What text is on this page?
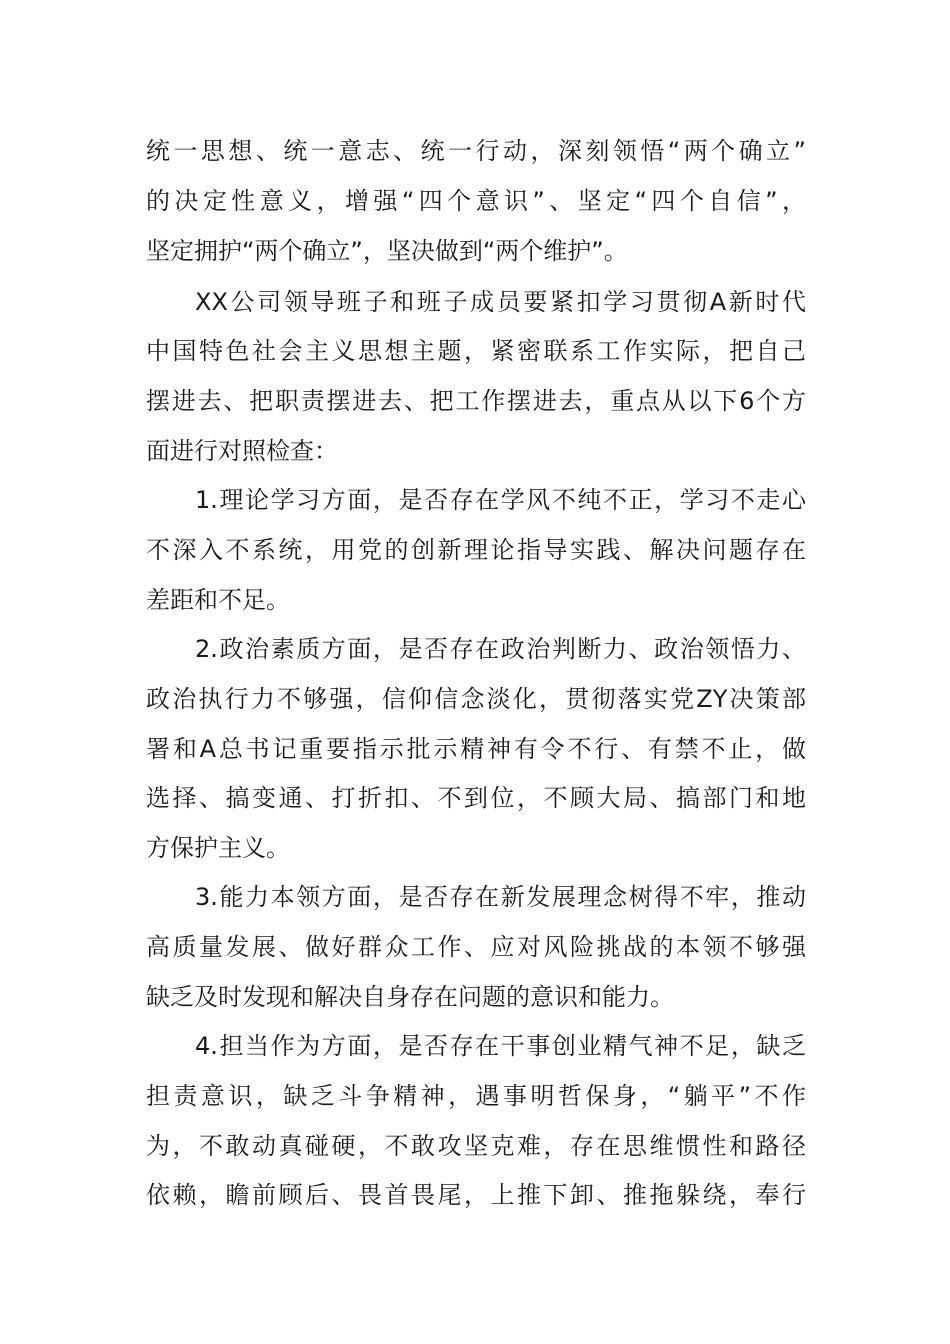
统一思想、统一意志、统一行动，深刻领悟“两个确立”
的决定性意义，增强“四个意识”、坚定“四个自信”，
坚定拥护“两个确立”，坚决做到“两个维护”。
XX公司领导班子和班子成员要紧扣学习贯彻A新时代
中国特色社会主义思想主题，紧密联系工作实际，把自己
摆进去、把职责摆进去、把工作摆进去，重点从以下6个方
面进行对照检查：
1.理论学习方面，是否存在学风不纯不正，学习不走心
不深入不系统，用党的创新理论指导实践、解决问题存在
差距和不足。
2.政治素质方面，是否存在政治判断力、政治领悟力、
政治执行力不够强，信仰信念淡化，贯彻落实党ZY决策部
署和A总书记重要指示批示精神有令不行、有禁不止，做
选择、搞变通、打折扣、不到位，不顾大局、搞部门和地
方保护主义。
3.能力本领方面，是否存在新发展理念树得不牢，推动
高质量发展、做好群众工作、应对风险挑战的本领不够强
缺乏及时发现和解决自身存在问题的意识和能力。
4.担当作为方面，是否存在干事创业精气神不足，缺乏
担责意识，缺乏斗争精神，遇事明哲保身，“躺平”不作
为，不敢动真碰硬，不敢攻坚克难，存在思维惯性和路径
依赖，瞻前顾后、畏首畏尾，上推下卸、推拖躲绕，奉行
